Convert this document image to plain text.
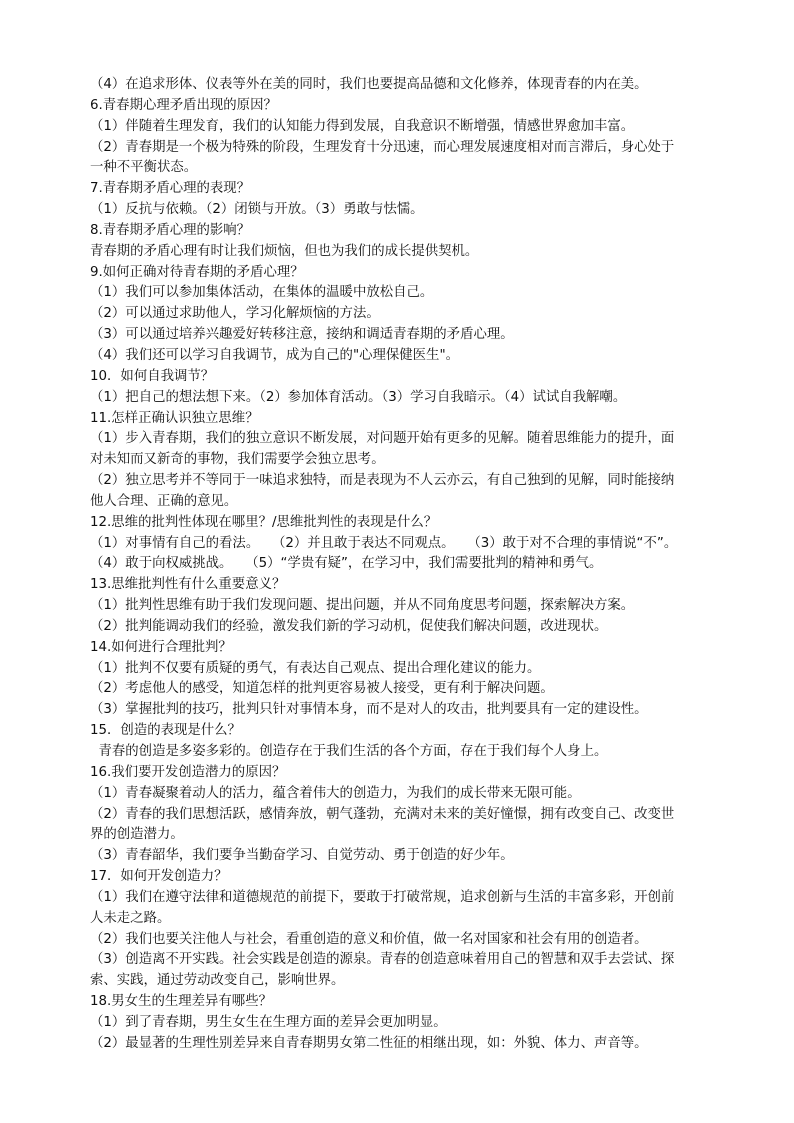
（4）在追求形体、仪表等外在美的同时，我们也要提高品德和文化修养，体现青春的内在美。
6.青春期心理矛盾出现的原因？
（1）伴随着生理发育，我们的认知能力得到发展，自我意识不断增强，情感世界愈加丰富。
（2）青春期是一个极为特殊的阶段，生理发育十分迅速，而心理发展速度相对而言滞后，身心处于
一种不平衡状态。
7.青春期矛盾心理的表现？
（1）反抗与依赖。（2）闭锁与开放。（3）勇敢与怯懦。
8.青春期矛盾心理的影响？
青春期的矛盾心理有时让我们烦恼，但也为我们的成长提供契机。
9.如何正确对待青春期的矛盾心理？
（1）我们可以参加集体活动，在集体的温暖中放松自己。
（2）可以通过求助他人，学习化解烦恼的方法。
（3）可以通过培养兴趣爱好转移注意，接纳和调适青春期的矛盾心理。
（4）我们还可以学习自我调节，成为自己的"心理保健医生"。
10．如何自我调节？
（1）把自己的想法想下来。（2）参加体育活动。（3）学习自我暗示。（4）试试自我解嘲。
11.怎样正确认识独立思维？
（1）步入青春期，我们的独立意识不断发展，对问题开始有更多的见解。随着思维能力的提升，面
对未知而又新奇的事物，我们需要学会独立思考。
（2）独立思考并不等同于一味追求独特，而是表现为不人云亦云，有自己独到的见解，同时能接纳
他人合理、正确的意见。
12.思维的批判性体现在哪里？/思维批判性的表现是什么？
（1）对事情有自己的看法。   （2）并且敢于表达不同观点。   （3）敢于对不合理的事情说“不”。
（4）敢于向权威挑战。   （5）“学贵有疑”，在学习中，我们需要批判的精神和勇气。
13.思维批判性有什么重要意义？
（1）批判性思维有助于我们发现问题、提出问题，并从不同角度思考问题，探索解决方案。
（2）批判能调动我们的经验，激发我们新的学习动机，促使我们解决问题，改进现状。
14.如何进行合理批判？
（1）批判不仅要有质疑的勇气，有表达自己观点、提出合理化建议的能力。
（2）考虑他人的感受，知道怎样的批判更容易被人接受，更有利于解决问题。
（3）掌握批判的技巧，批判只针对事情本身，而不是对人的攻击，批判要具有一定的建设性。
15．创造的表现是什么？
青春的创造是多姿多彩的。创造存在于我们生活的各个方面，存在于我们每个人身上。
16.我们要开发创造潜力的原因？
（1）青春凝聚着动人的活力，蕴含着伟大的创造力，为我们的成长带来无限可能。
（2）青春的我们思想活跃，感情奔放，朝气蓬勃，充满对未来的美好憧憬，拥有改变自己、改变世
界的创造潜力。
（3）青春韶华，我们要争当勤奋学习、自觉劳动、勇于创造的好少年。
17．如何开发创造力？
（1）我们在遵守法律和道德规范的前提下，要敢于打破常规，追求创新与生活的丰富多彩，开创前
人未走之路。
（2）我们也要关注他人与社会，看重创造的意义和价值，做一名对国家和社会有用的创造者。
（3）创造离不开实践。社会实践是创造的源泉。青春的创造意味着用自己的智慧和双手去尝试、探
索、实践，通过劳动改变自己，影响世界。
18.男女生的生理差异有哪些？
（1）到了青春期，男生女生在生理方面的差异会更加明显。
（2）最显著的生理性别差异来自青春期男女第二性征的相继出现，如：外貌、体力、声音等。
